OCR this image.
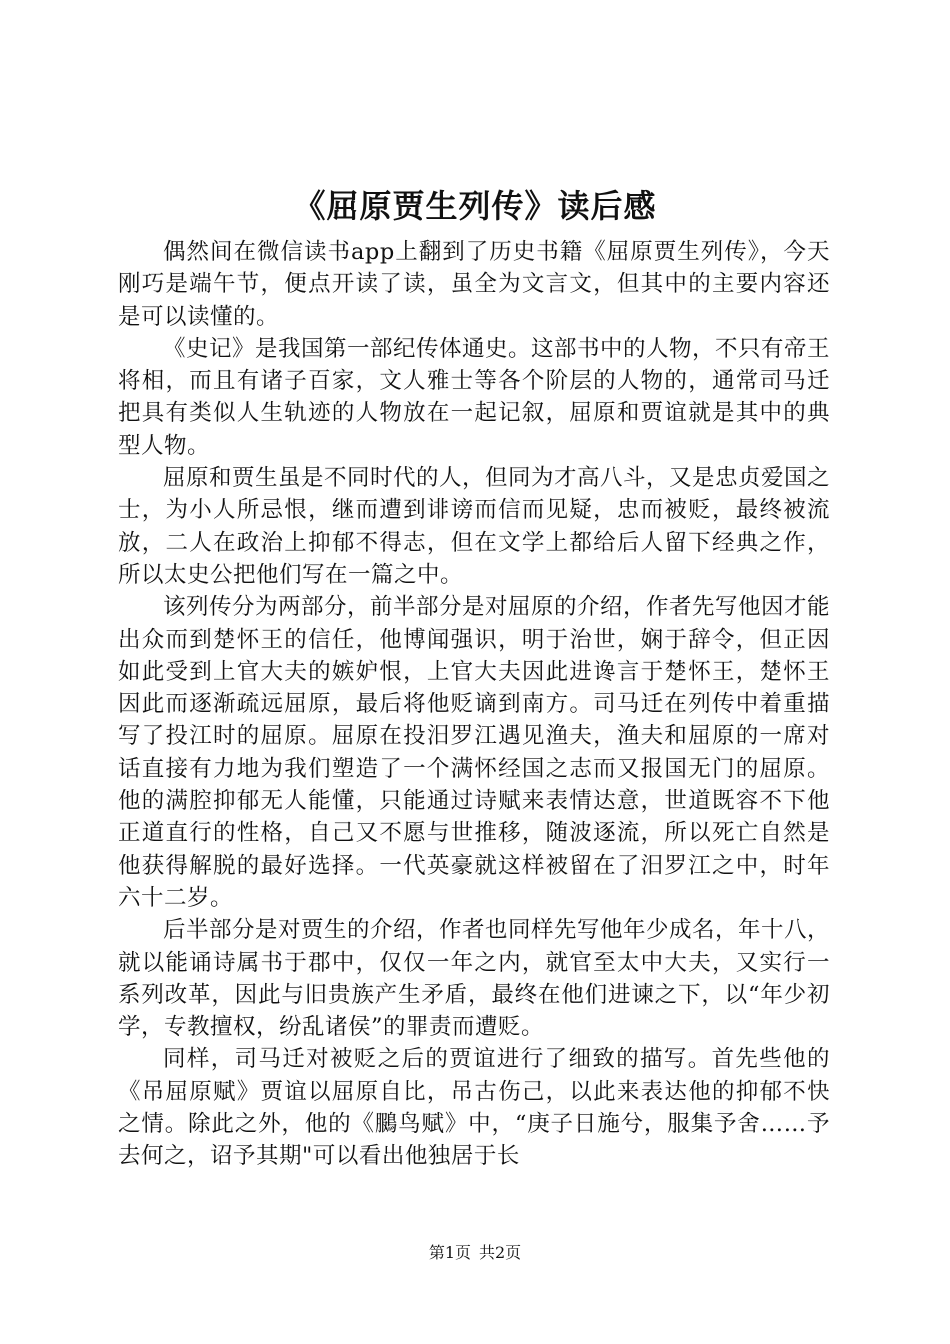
《屈原贾生列传》读后感

偶然间在微信读书app上翻到了历史书籍《屈原贾生列传》，今天刚巧是端午节，便点开读了读，虽全为文言文，但其中的主要内容还是可以读懂的。

《史记》是我国第一部纪传体通史。这部书中的人物，不只有帝王将相，而且有诸子百家，文人雅士等各个阶层的人物的，通常司马迁把具有类似人生轨迹的人物放在一起记叙，屈原和贾谊就是其中的典型人物。

屈原和贾生虽是不同时代的人，但同为才高八斗，又是忠贞爱国之士，为小人所忌恨，继而遭到诽谤而信而见疑，忠而被贬，最终被流放，二人在政治上抑郁不得志，但在文学上都给后人留下经典之作，所以太史公把他们写在一篇之中。

该列传分为两部分，前半部分是对屈原的介绍，作者先写他因才能出众而到楚怀王的信任，他博闻强识，明于治世，娴于辞令，但正因如此受到上官大夫的嫉妒恨，上官大夫因此进谗言于楚怀王，楚怀王因此而逐渐疏远屈原，最后将他贬谪到南方。司马迁在列传中着重描写了投江时的屈原。屈原在投汨罗江遇见渔夫，渔夫和屈原的一席对话直接有力地为我们塑造了一个满怀经国之志而又报国无门的屈原。他的满腔抑郁无人能懂，只能通过诗赋来表情达意，世道既容不下他正道直行的性格，自己又不愿与世推移，随波逐流，所以死亡自然是他获得解脱的最好选择。一代英豪就这样被留在了汨罗江之中，时年六十二岁。

后半部分是对贾生的介绍，作者也同样先写他年少成名，年十八，就以能诵诗属书于郡中，仅仅一年之内，就官至太中大夫，又实行一系列改革，因此与旧贵族产生矛盾，最终在他们进谏之下，以“年少初学，专教擅权，纷乱诸侯”的罪责而遭贬。

同样，司马迁对被贬之后的贾谊进行了细致的描写。首先些他的《吊屈原赋》贾谊以屈原自比，吊古伤己，以此来表达他的抑郁不快之情。除此之外，他的《鵩鸟赋》中，“庚子日施兮，服集予舍……予去何之，诏予其期"可以看出他独居于长

第1页 共2页
